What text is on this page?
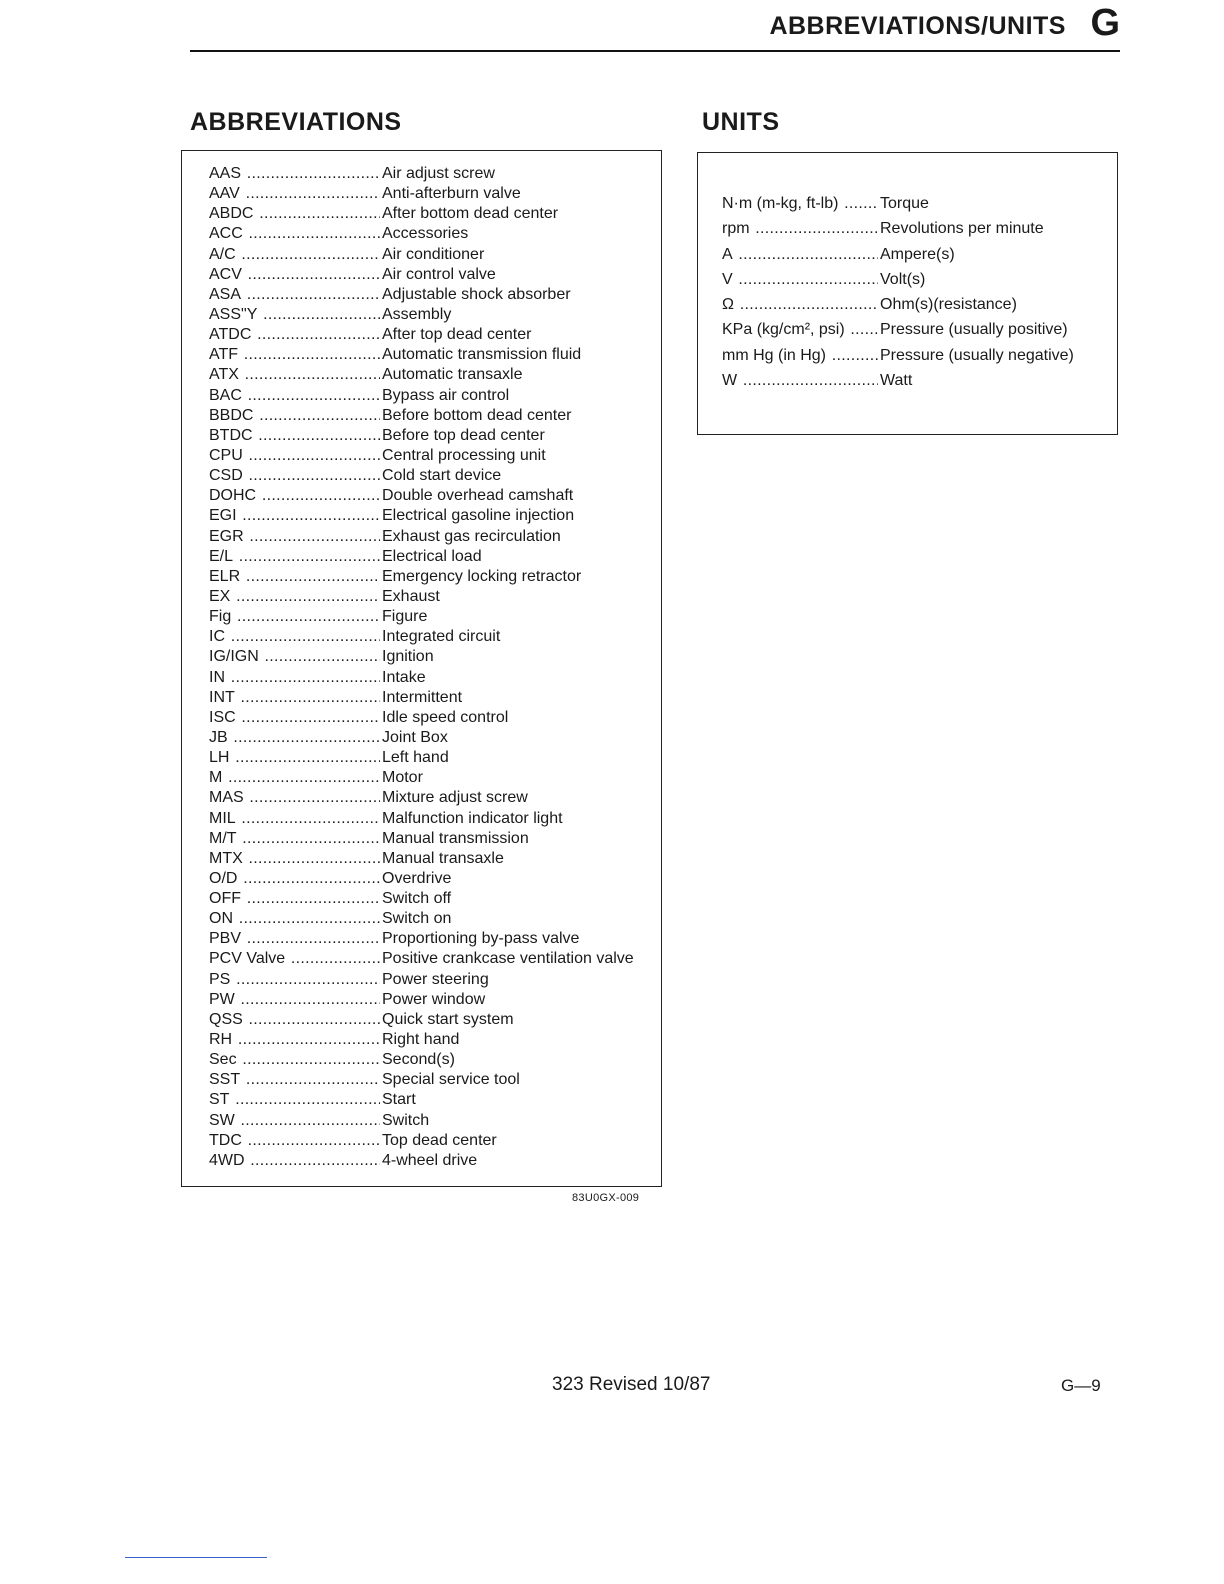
ABBREVIATIONS/UNITS G
ABBREVIATIONS	UNITS
AAS .....	Air adjust screw
AAV .....	Anti-afterburn valve
ABDC .....	After bottom dead center
ACC .....	Accessories
A/C .....	Air conditioner
ACV .....	Air control valve
ASA .....	Adjustable shock absorber
ASS"Y .....	Assembly
ATDC .....	After top dead center
ATF .....	Automatic transmission fluid
ATX .....	Automatic transaxle
BAC .....	Bypass air control
BBDC .....	Before bottom dead center
BTDC .....	Before top dead center
CPU .....	Central processing unit
CSD .....	Cold start device
DOHC .....	Double overhead camshaft
EGI .....	Electrical gasoline injection
EGR .....	Exhaust gas recirculation
E/L .....	Electrical load
ELR .....	Emergency locking retractor
EX .....	Exhaust
Fig .....	Figure
IC .....	Integrated circuit
IG/IGN .....	Ignition
IN .....	Intake
INT .....	Intermittent
ISC .....	Idle speed control
JB .....	Joint Box
LH .....	Left hand
M .....	Motor
MAS .....	Mixture adjust screw
MIL .....	Malfunction indicator light
M/T .....	Manual transmission
MTX .....	Manual transaxle
O/D .....	Overdrive
OFF .....	Switch off
ON .....	Switch on
PBV .....	Proportioning by-pass valve
PCV Valve .....	Positive crankcase ventilation valve
PS .....	Power steering
PW .....	Power window
QSS .....	Quick start system
RH .....	Right hand
Sec .....	Second(s)
SST .....	Special service tool
ST .....	Start
SW .....	Switch
TDC .....	Top dead center
4WD .....	4-wheel drive
N·m (m-kg, ft-lb) .....	Torque
rpm .....	Revolutions per minute
A .....	Ampere(s)
V .....	Volt(s)
Ω .....	Ohm(s)(resistance)
KPa (kg/cm², psi) .....	Pressure (usually positive)
mm Hg (in Hg) .....	Pressure (usually negative)
W .....	Watt
83U0GX-009
323 Revised 10/87	G—9
